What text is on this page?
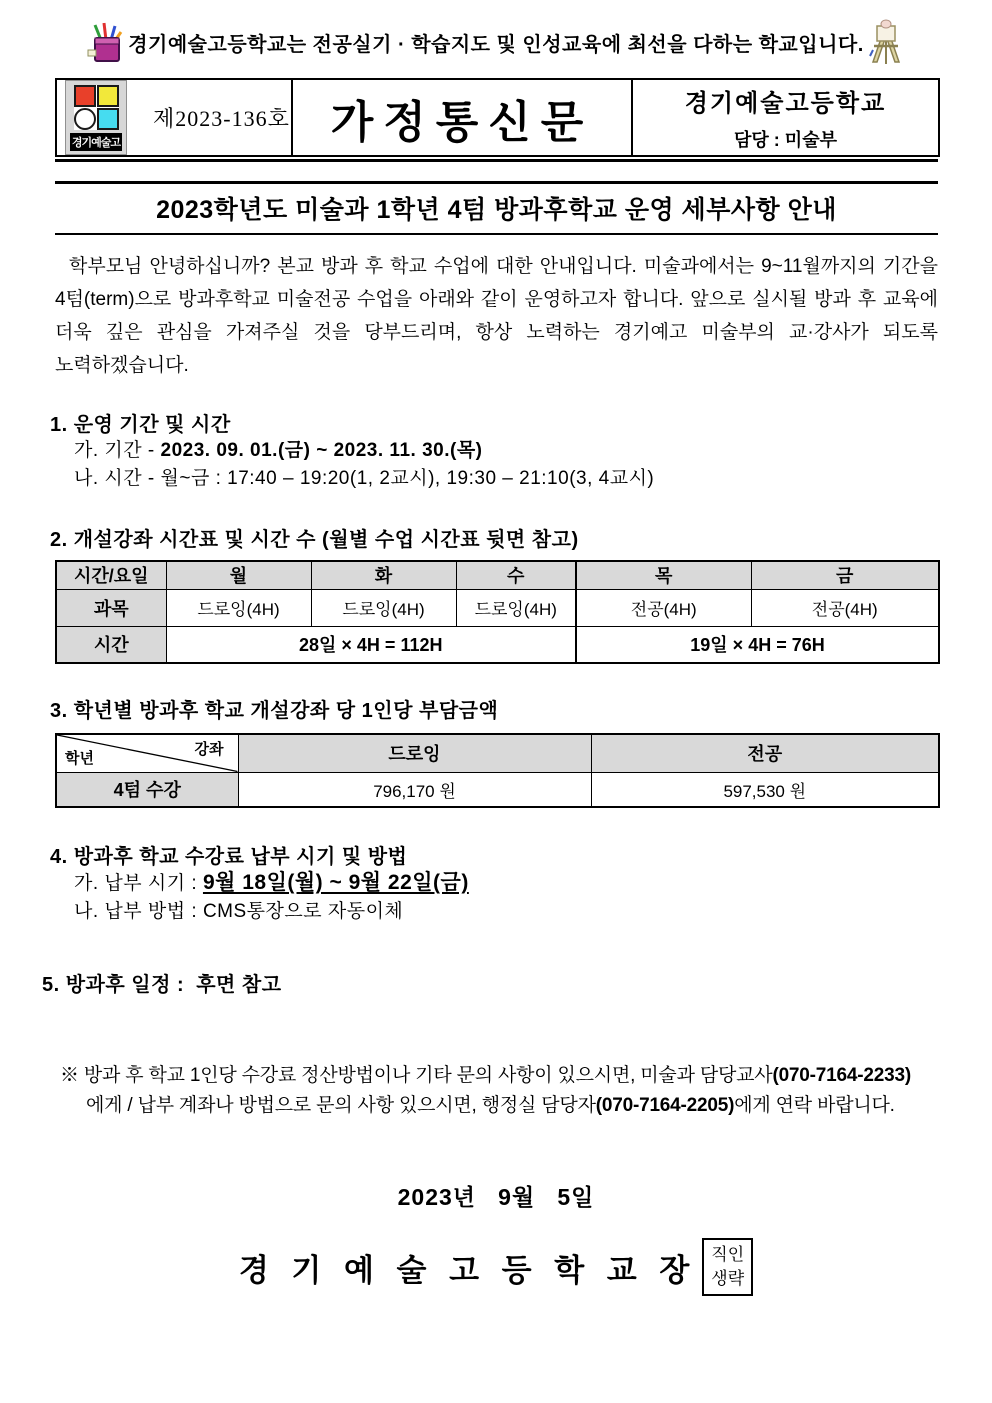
경기예술고등학교는 전공실기 · 학습지도 및 인성교육에 최선을 다하는 학교입니다.
경기예술고
제2023-136호	가정통신문	경기예술고등학교
담당 : 미술부
2023학년도 미술과 1학년 4텀 방과후학교 운영 세부사항 안내

학부모님 안녕하십니까? 본교 방과 후 학교 수업에 대한 안내입니다. 미술과에서는 9~11월까지의 기간을 4텀(term)으로 방과후학교 미술전공 수업을 아래와 같이 운영하고자 합니다. 앞으로 실시될 방과 후 교육에 더욱 깊은 관심을 가져주실 것을 당부드리며, 항상 노력하는 경기예고 미술부의 교·강사가 되도록 노력하겠습니다.

1. 운영 기간 및 시간
가. 기간 - 2023. 09. 01.(금) ~ 2023. 11. 30.(목)
나. 시간 - 월~금 : 17:40 – 19:20(1, 2교시), 19:30 – 21:10(3, 4교시)
2. 개설강좌 시간표 및 시간 수 (월별 수업 시간표 뒷면 참고)
시간/요일	월	화	수	목	금
과목	드로잉(4H)	드로잉(4H)	드로잉(4H)	전공(4H)	전공(4H)
시간	28일 × 4H = 112H			19일 × 4H = 76H	
3. 학년별 방과후 학교 개설강좌 당 1인당 부담금액
학년 강좌	드로잉	전공
4텀 수강	796,170 원	597,530 원
4. 방과후 학교 수강료 납부 시기 및 방법
가. 납부 시기 : 9월 18일(월) ~ 9월 22일(금)
나. 납부 방법 : CMS통장으로 자동이체
5. 방과후 일정 :  후면 참고

※ 방과 후 학교 1인당 수강료 정산방법이나 기타 문의 사항이 있으시면, 미술과 담당교사(070-7164-2233)에게 / 납부 계좌나 방법으로 문의 사항 있으시면, 행정실 담당자(070-7164-2205)에게 연락 바랍니다.

2023년   9월   5일
경 기 예 술 고 등 학 교 장 직인
생략
